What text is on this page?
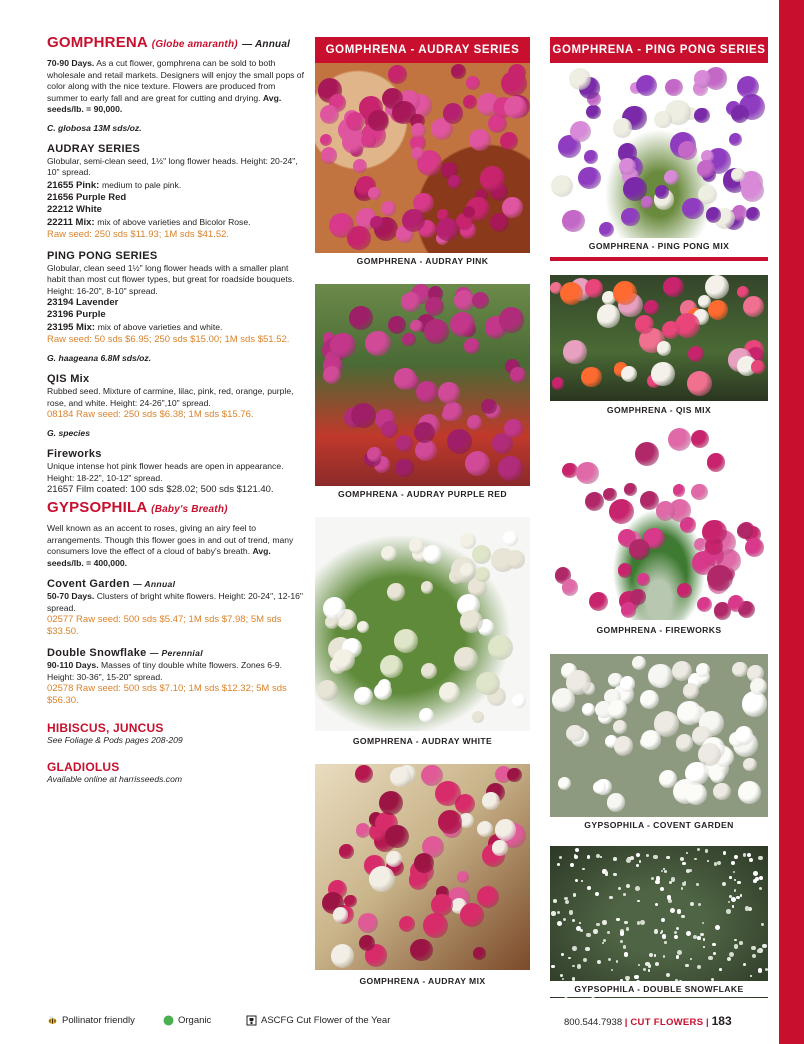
GOMPHRENA (Globe amaranth) — Annual
70-90 Days. As a cut flower, gomphrena can be sold to both wholesale and retail markets. Designers will enjoy the small pops of color along with the nice texture. Flowers are produced from summer to early fall and are great for cutting and drying. Avg. seeds/lb. = 90,000.
C. globosa 13M sds/oz.
AUDRAY SERIES
Globular, semi-clean seed, 1½" long flower heads. Height: 20-24", 10" spread.
21655 Pink: medium to pale pink.
21656 Purple Red
22212 White
22211 Mix: mix of above varieties and Bicolor Rose.
Raw seed: 250 sds $11.93; 1M sds $41.52.
PING PONG SERIES
Globular, clean seed 1½" long flower heads with a smaller plant habit than most cut flower types, but great for roadside bouquets. Height: 16-20", 8-10" spread.
23194 Lavender
23196 Purple
23195 Mix: mix of above varieties and white.
Raw seed: 50 sds $6.95; 250 sds $15.00; 1M sds $51.52.
G. haageana 6.8M sds/oz.
QIS Mix
Rubbed seed. Mixture of carmine, lilac, pink, red, orange, purple, rose, and white. Height: 24-26",10" spread.
08184 Raw seed: 250 sds $6.38; 1M sds $15.76.
G. species
Fireworks
Unique intense hot pink flower heads are open in appearance. Height: 18-22", 10-12" spread.
21657 Film coated: 100 sds $28.02; 500 sds $121.40.
GYPSOPHILA (Baby's Breath)
Well known as an accent to roses, giving an airy feel to arrangements. Though this flower goes in and out of trend, many consumers love the effect of a cloud of baby's breath. Avg. seeds/lb. = 400,000.
Covent Garden — Annual
50-70 Days. Clusters of bright white flowers. Height: 20-24", 12-16" spread.
02577 Raw seed: 500 sds $5.47; 1M sds $7.98; 5M sds $33.50.
Double Snowflake — Perennial
90-110 Days. Masses of tiny double white flowers. Zones 6-9. Height: 30-36", 15-20" spread.
02578 Raw seed: 500 sds $7.10; 1M sds $12.32; 5M sds $56.30.
HIBISCUS, JUNCUS
See Foliage & Pods pages 208-209
GLADIOLUS
Available online at harrisseeds.com
GOMPHRENA - AUDRAY SERIES
GOMPHRENA - AUDRAY PINK
GOMPHRENA - AUDRAY PURPLE RED
GOMPHRENA - AUDRAY WHITE
GOMPHRENA - AUDRAY MIX
GOMPHRENA - PING PONG SERIES
GOMPHRENA - PING PONG MIX
GOMPHRENA - QIS MIX
GOMPHRENA - FIREWORKS
GYPSOPHILA - COVENT GARDEN
GYPSOPHILA - DOUBLE SNOWFLAKE
Pollinator friendly	Organic	ASCFG Cut Flower of the Year	800.544.7938 | CUT FLOWERS | 183
